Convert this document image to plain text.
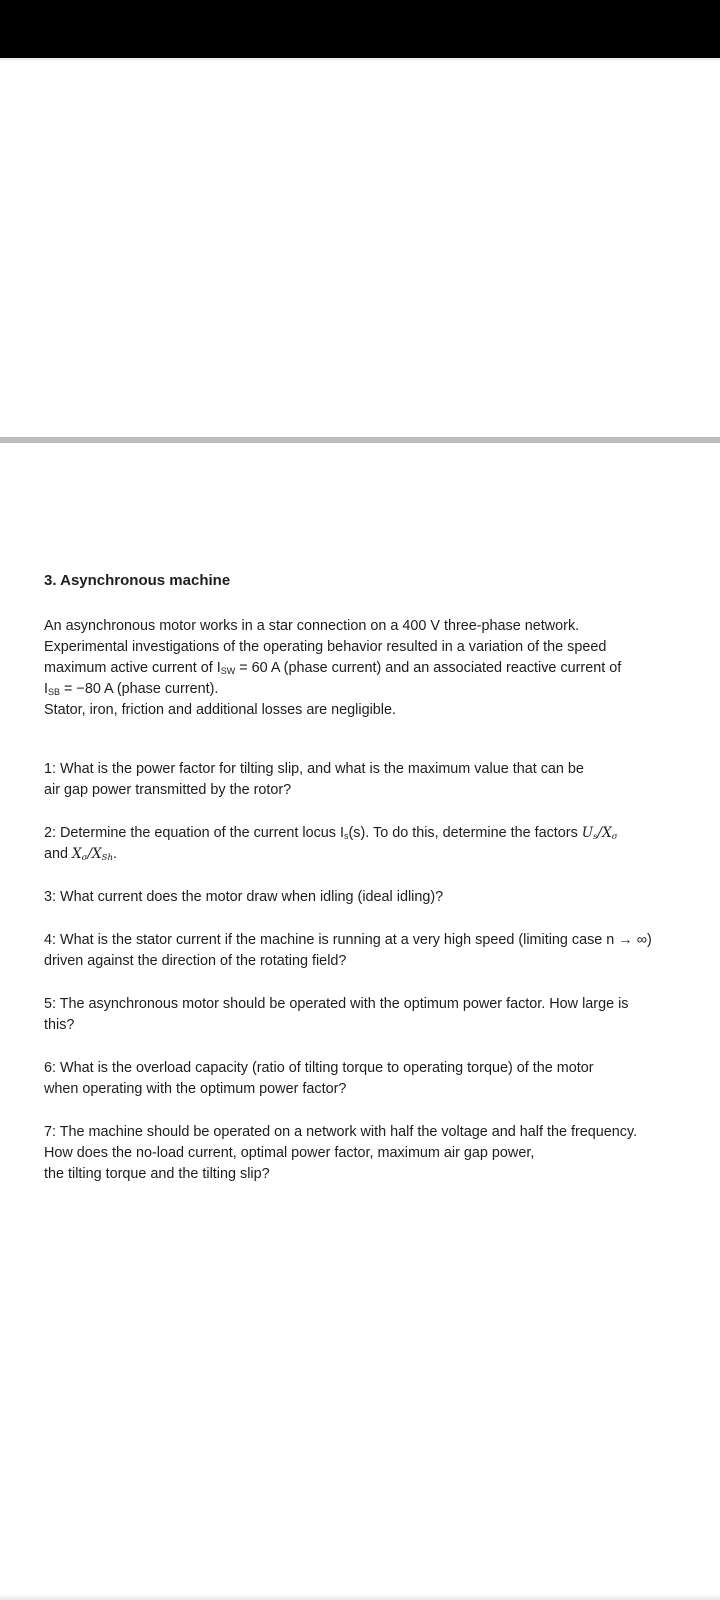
3. Asynchronous machine
An asynchronous motor works in a star connection on a 400 V three-phase network.
Experimental investigations of the operating behavior resulted in a variation of the speed
maximum active current of $I_{SW} = 60$ A (phase current) and an associated reactive current of
$I_{SB} = -80$ A (phase current).
Stator, iron, friction and additional losses are negligible.
1: What is the power factor for tilting slip, and what is the maximum value that can be
air gap power transmitted by the rotor?
2: Determine the equation of the current locus $I_s(s)$. To do this, determine the factors $U_s/X_\sigma$
and $X_\sigma/X_{Sh}$.
3: What current does the motor draw when idling (ideal idling)?
4: What is the stator current if the machine is running at a very high speed (limiting case n → ∞)
driven against the direction of the rotating field?
5: The asynchronous motor should be operated with the optimum power factor. How large is
this?
6: What is the overload capacity (ratio of tilting torque to operating torque) of the motor
when operating with the optimum power factor?
7: The machine should be operated on a network with half the voltage and half the frequency.
How does the no-load current, optimal power factor, maximum air gap power,
the tilting torque and the tilting slip?
